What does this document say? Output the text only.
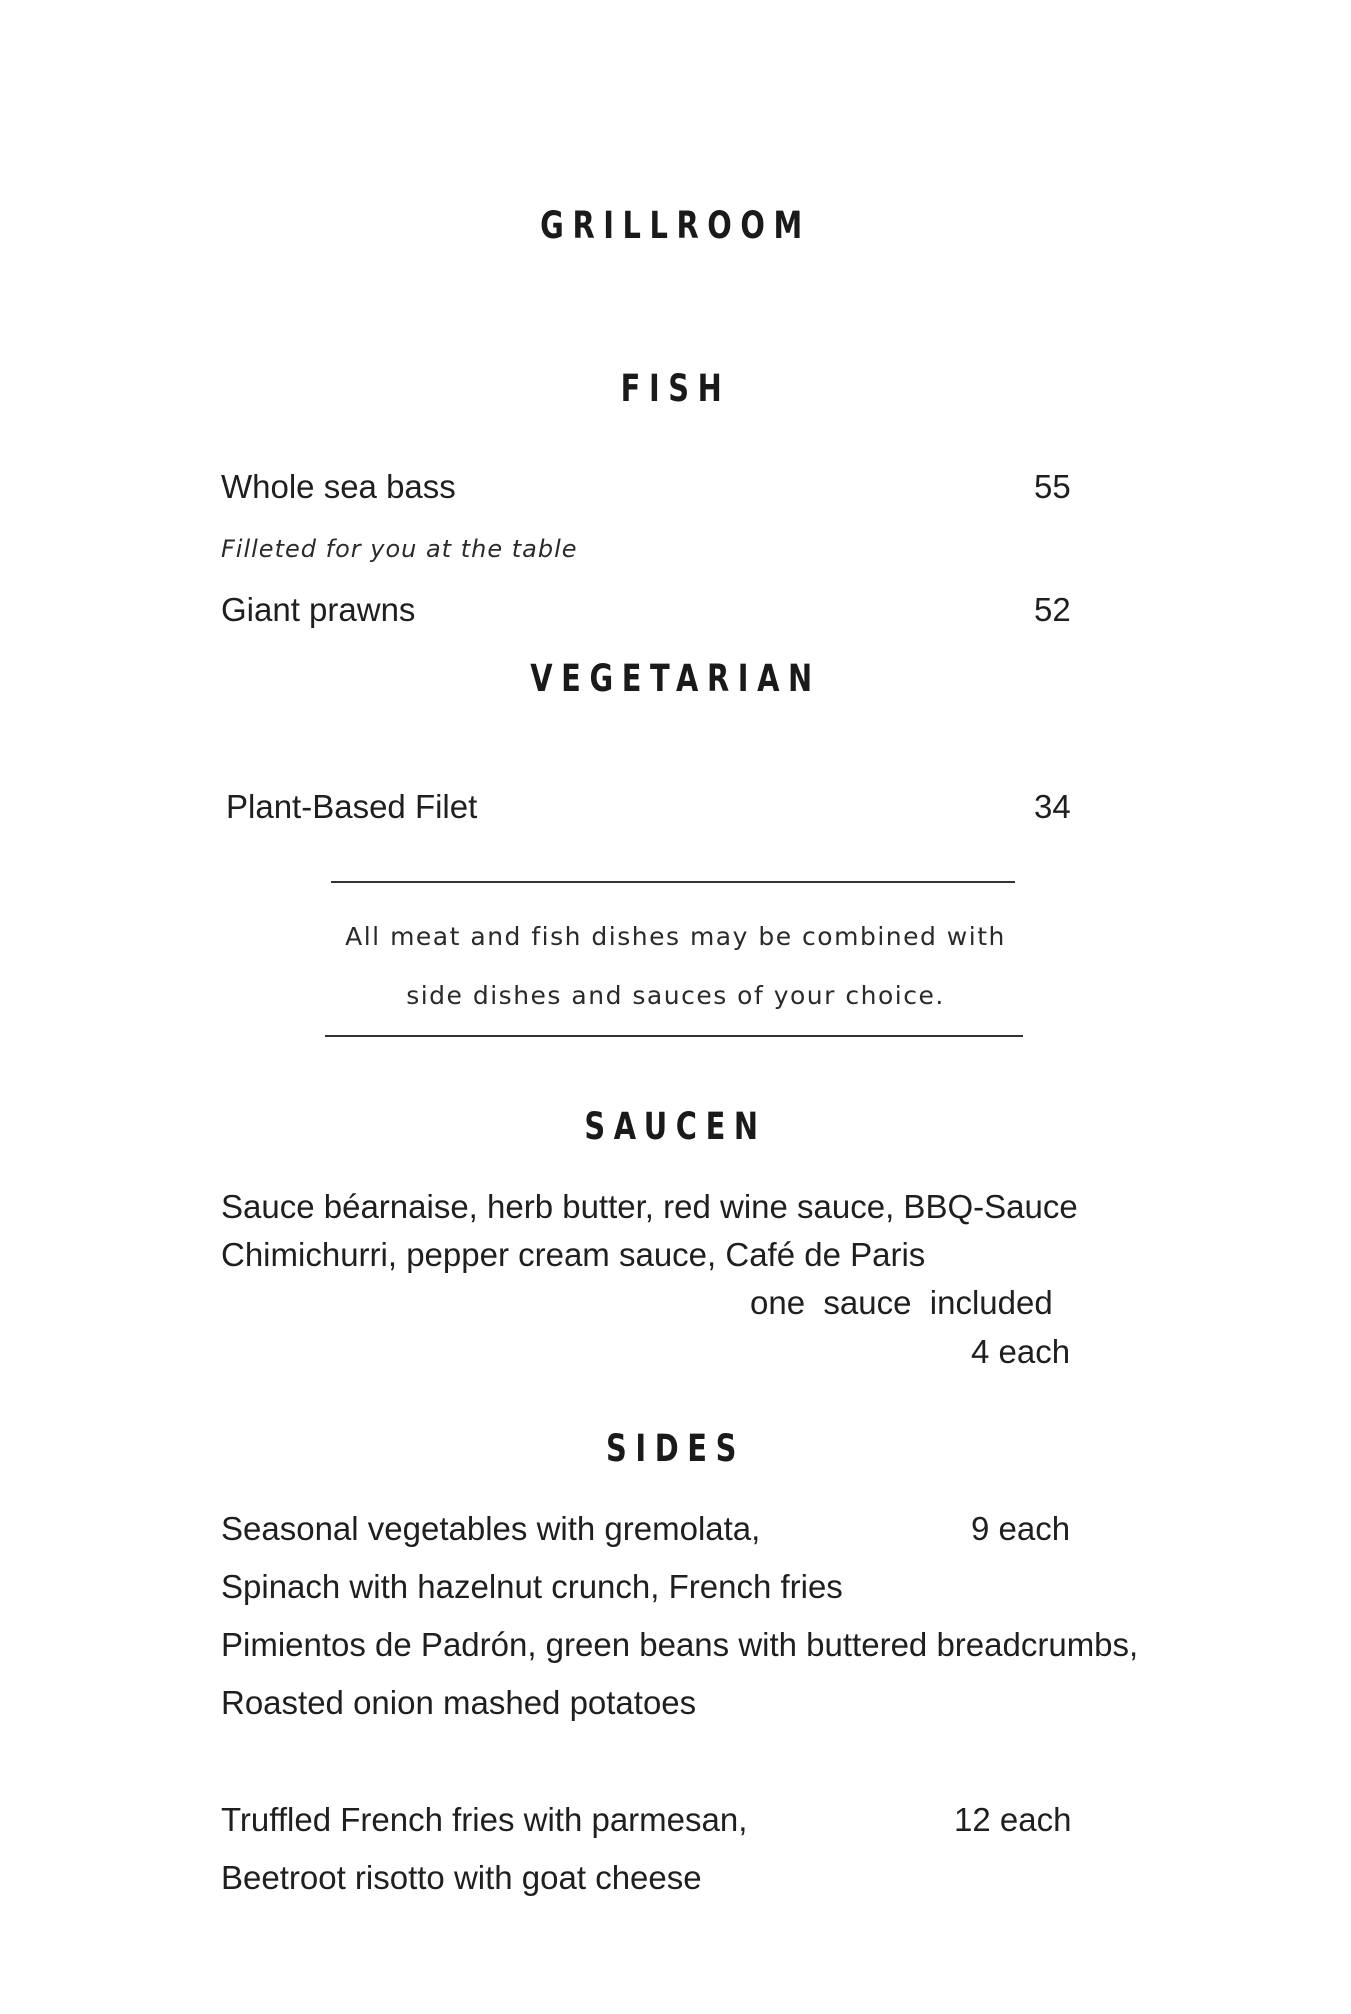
GRILLROOM
FISH
Whole sea bass	55
Filleted for you at the table
Giant prawns	52
VEGETARIAN
Plant-Based Filet	34
All meat and fish dishes may be combined with
side dishes and sauces of your choice.
SAUCEN
Sauce béarnaise, herb butter, red wine sauce, BBQ-Sauce
Chimichurri, pepper cream sauce, Café de Paris
one  sauce  included
4 each
SIDES
Seasonal vegetables with gremolata,	9 each
Spinach with hazelnut crunch, French fries
Pimientos de Padrón, green beans with buttered breadcrumbs,
Roasted onion mashed potatoes
Truffled French fries with parmesan,	12 each
Beetroot risotto with goat cheese
